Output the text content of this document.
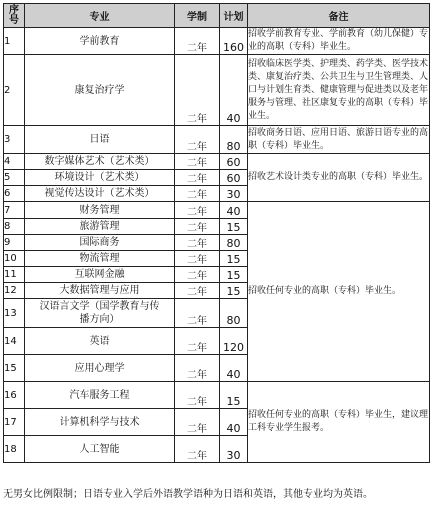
序
号	专业	学制	计划	备注
1	学前教育	二年	160	招收学前教育专业、学前教育（幼儿保健）专业的高职（专科）毕业生。
2	康复治疗学	二年	40	招收临床医学类、护理类、药学类、医学技术类、康复治疗类、公共卫生与卫生管理类、人口与计划生育类、健康管理与促进类以及老年服务与管理、社区康复专业的高职（专科）毕业生。
3	日语	二年	80	招收商务日语、应用日语、旅游日语专业的高职（专科）毕业生。
4	数字媒体艺术（艺术类）	二年	60	招收艺术设计类专业的高职（专科）毕业生。
5	环境设计（艺术类）	二年	60	
6	视觉传达设计（艺术类）	二年	30	
7	财务管理	二年	40	招收任何专业的高职（专科）毕业生。
8	旅游管理	二年	15	
9	国际商务	二年	80	
10	物流管理	二年	15	
11	互联网金融	二年	15	
12	大数据管理与应用	二年	15	
13	汉语言文学（国学教育与传播方向）	二年	80	
14	英语	二年	120	
15	应用心理学	二年	40	
16	汽车服务工程	二年	15	招收任何专业的高职（专科）毕业生，建议理工科专业学生报考。
17	计算机科学与技术	二年	40	
18	人工智能	二年	30	
无男女比例限制；日语专业入学后外语教学语种为日语和英语，其他专业均为英语。
